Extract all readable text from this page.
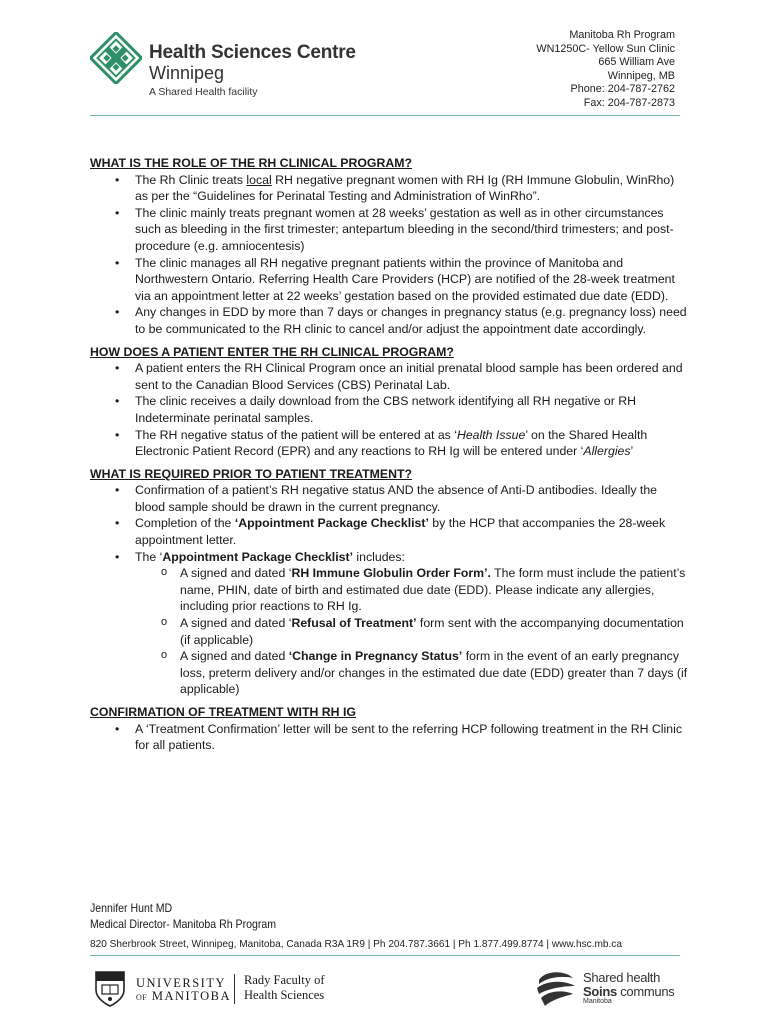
Health Sciences Centre
Winnipeg
A Shared Health facility
Manitoba Rh Program
WN1250C- Yellow Sun Clinic
665 William Ave
Winnipeg, MB
Phone: 204-787-2762
Fax: 204-787-2873
WHAT IS THE ROLE OF THE RH CLINICAL PROGRAM?
• The Rh Clinic treats local RH negative pregnant women with RH Ig (RH Immune Globulin, WinRho) as per the “Guidelines for Perinatal Testing and Administration of WinRho”.
• The clinic mainly treats pregnant women at 28 weeks’ gestation as well as in other circumstances such as bleeding in the first trimester; antepartum bleeding in the second/third trimesters; and post-procedure (e.g. amniocentesis)
• The clinic manages all RH negative pregnant patients within the province of Manitoba and Northwestern Ontario. Referring Health Care Providers (HCP) are notified of the 28-week treatment via an appointment letter at 22 weeks’ gestation based on the provided estimated due date (EDD).
• Any changes in EDD by more than 7 days or changes in pregnancy status (e.g. pregnancy loss) need to be communicated to the RH clinic to cancel and/or adjust the appointment date accordingly.
HOW DOES A PATIENT ENTER THE RH CLINICAL PROGRAM?
• A patient enters the RH Clinical Program once an initial prenatal blood sample has been ordered and sent to the Canadian Blood Services (CBS) Perinatal Lab.
• The clinic receives a daily download from the CBS network identifying all RH negative or RH Indeterminate perinatal samples.
• The RH negative status of the patient will be entered at as ‘Health Issue’ on the Shared Health Electronic Patient Record (EPR) and any reactions to RH Ig will be entered under ‘Allergies’
WHAT IS REQUIRED PRIOR TO PATIENT TREATMENT?
• Confirmation of a patient’s RH negative status AND the absence of Anti-D antibodies. Ideally the blood sample should be drawn in the current pregnancy.
• Completion of the ‘Appointment Package Checklist’ by the HCP that accompanies the 28-week appointment letter.
• The ‘Appointment Package Checklist’ includes:
o A signed and dated ‘RH Immune Globulin Order Form’. The form must include the patient’s name, PHIN, date of birth and estimated due date (EDD). Please indicate any allergies, including prior reactions to RH Ig.
o A signed and dated ‘Refusal of Treatment’ form sent with the accompanying documentation (if applicable)
o A signed and dated ‘Change in Pregnancy Status’ form in the event of an early pregnancy loss, preterm delivery and/or changes in the estimated due date (EDD) greater than 7 days (if applicable)
CONFIRMATION OF TREATMENT WITH RH IG
• A ‘Treatment Confirmation’ letter will be sent to the referring HCP following treatment in the RH Clinic for all patients.
Jennifer Hunt MD
Medical Director- Manitoba Rh Program
820 Sherbrook Street, Winnipeg, Manitoba, Canada R3A 1R9 | Ph 204.787.3661 | Ph 1.877.499.8774 | www.hsc.mb.ca
UNIVERSITY
OF MANITOBA
Rady Faculty of
Health Sciences
Shared health
Soins communs
Manitoba
